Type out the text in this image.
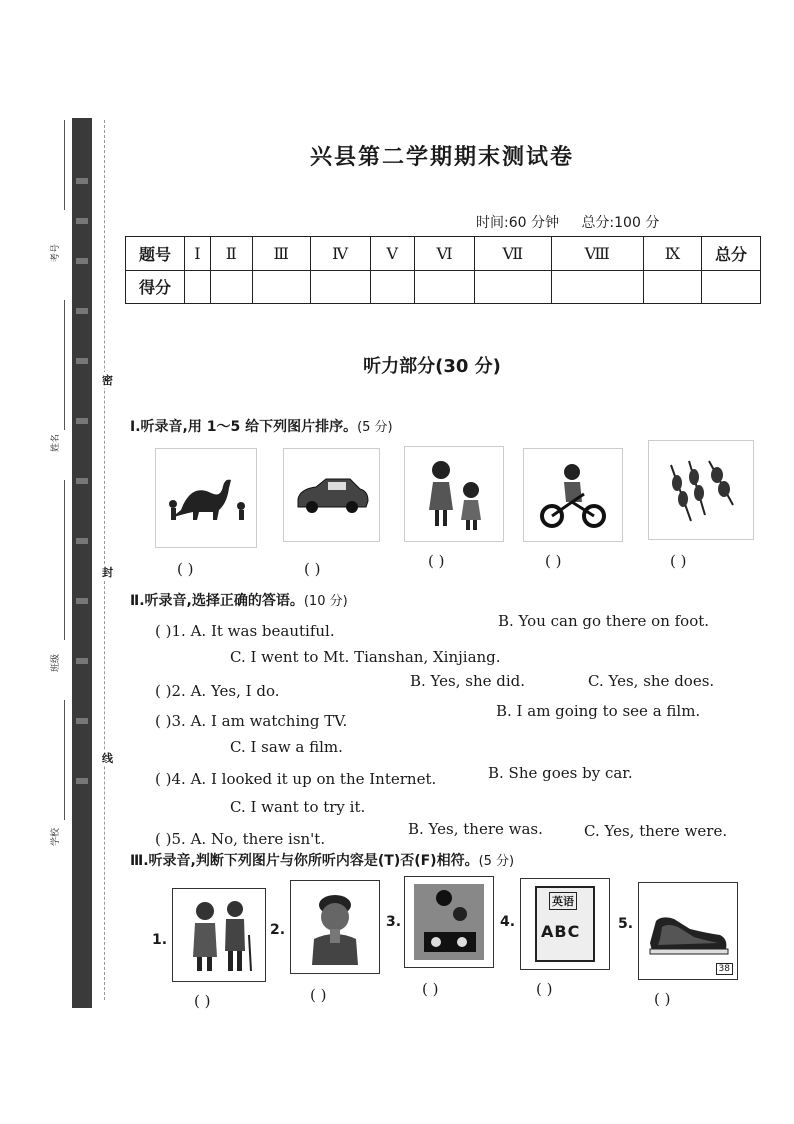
考号
姓名
班级
学校
密
封
线
兴县第二学期期末测试卷
时间:60 分钟 总分:100 分
题号	Ⅰ	Ⅱ	Ⅲ	Ⅳ	Ⅴ	Ⅵ	Ⅶ	Ⅷ	Ⅸ	总分
得分										
听力部分(30 分)
Ⅰ.听录音,用 1～5 给下列图片排序。(5 分)
( )	( )	( )	( )	( )
Ⅱ.听录音,选择正确的答语。(10 分)
( )1. A. It was beautiful.
B. You can go there on foot.
C. I went to Mt. Tianshan, Xinjiang.
( )2. A. Yes, I do.
B. Yes, she did.	C. Yes, she does.
( )3. A. I am watching TV.
B. I am going to see a film.
C. I saw a film.
( )4. A. I looked it up on the Internet.	B. She goes by car.
C. I want to try it.
( )5. A. No, there isn't.
B. Yes, there was.	C. Yes, there were.
Ⅲ.听录音,判断下列图片与你所听内容是(T)否(F)相符。(5 分)
1.
2.	3.	4.
英语
ABC	5.
38
( )	( )	( )	( )
( )
